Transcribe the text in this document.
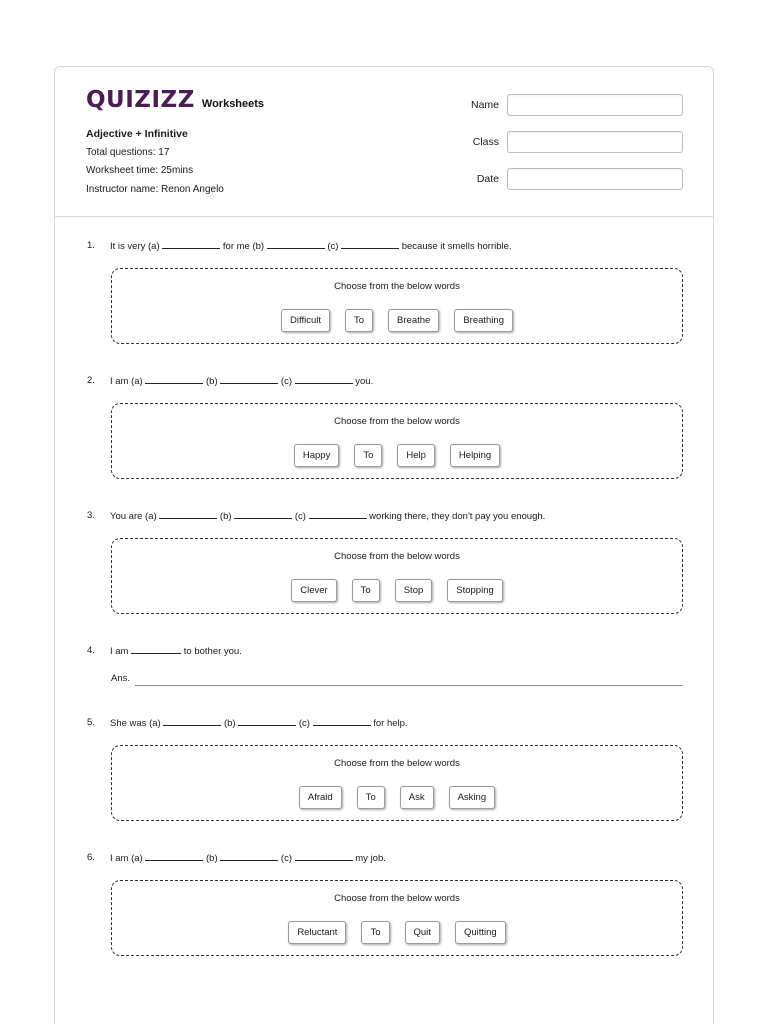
QUIZIZZ Worksheets
Adjective + Infinitive
Total questions: 17
Worksheet time: 25mins
Instructor name: Renon Angelo
Name
Class
Date
1. It is very (a)	for me (b)	(c)	because it smells horrible.
Choose from the below words
Difficult	To	Breathe	Breathing
2. I am (a)	(b)	(c)	you.
Choose from the below words
Happy	To	Help	Helping
3. You are (a)	(b)	(c)	working there, they don't pay you enough.
Choose from the below words
Clever	To	Stop	Stopping
4. I am	to bother you.
Ans.
5. She was (a)	(b)	(c)	for help.
Choose from the below words
Afraid	To	Ask	Asking
6. I am (a)	(b)	(c)	my job.
Choose from the below words
Reluctant	To	Quit	Quitting
